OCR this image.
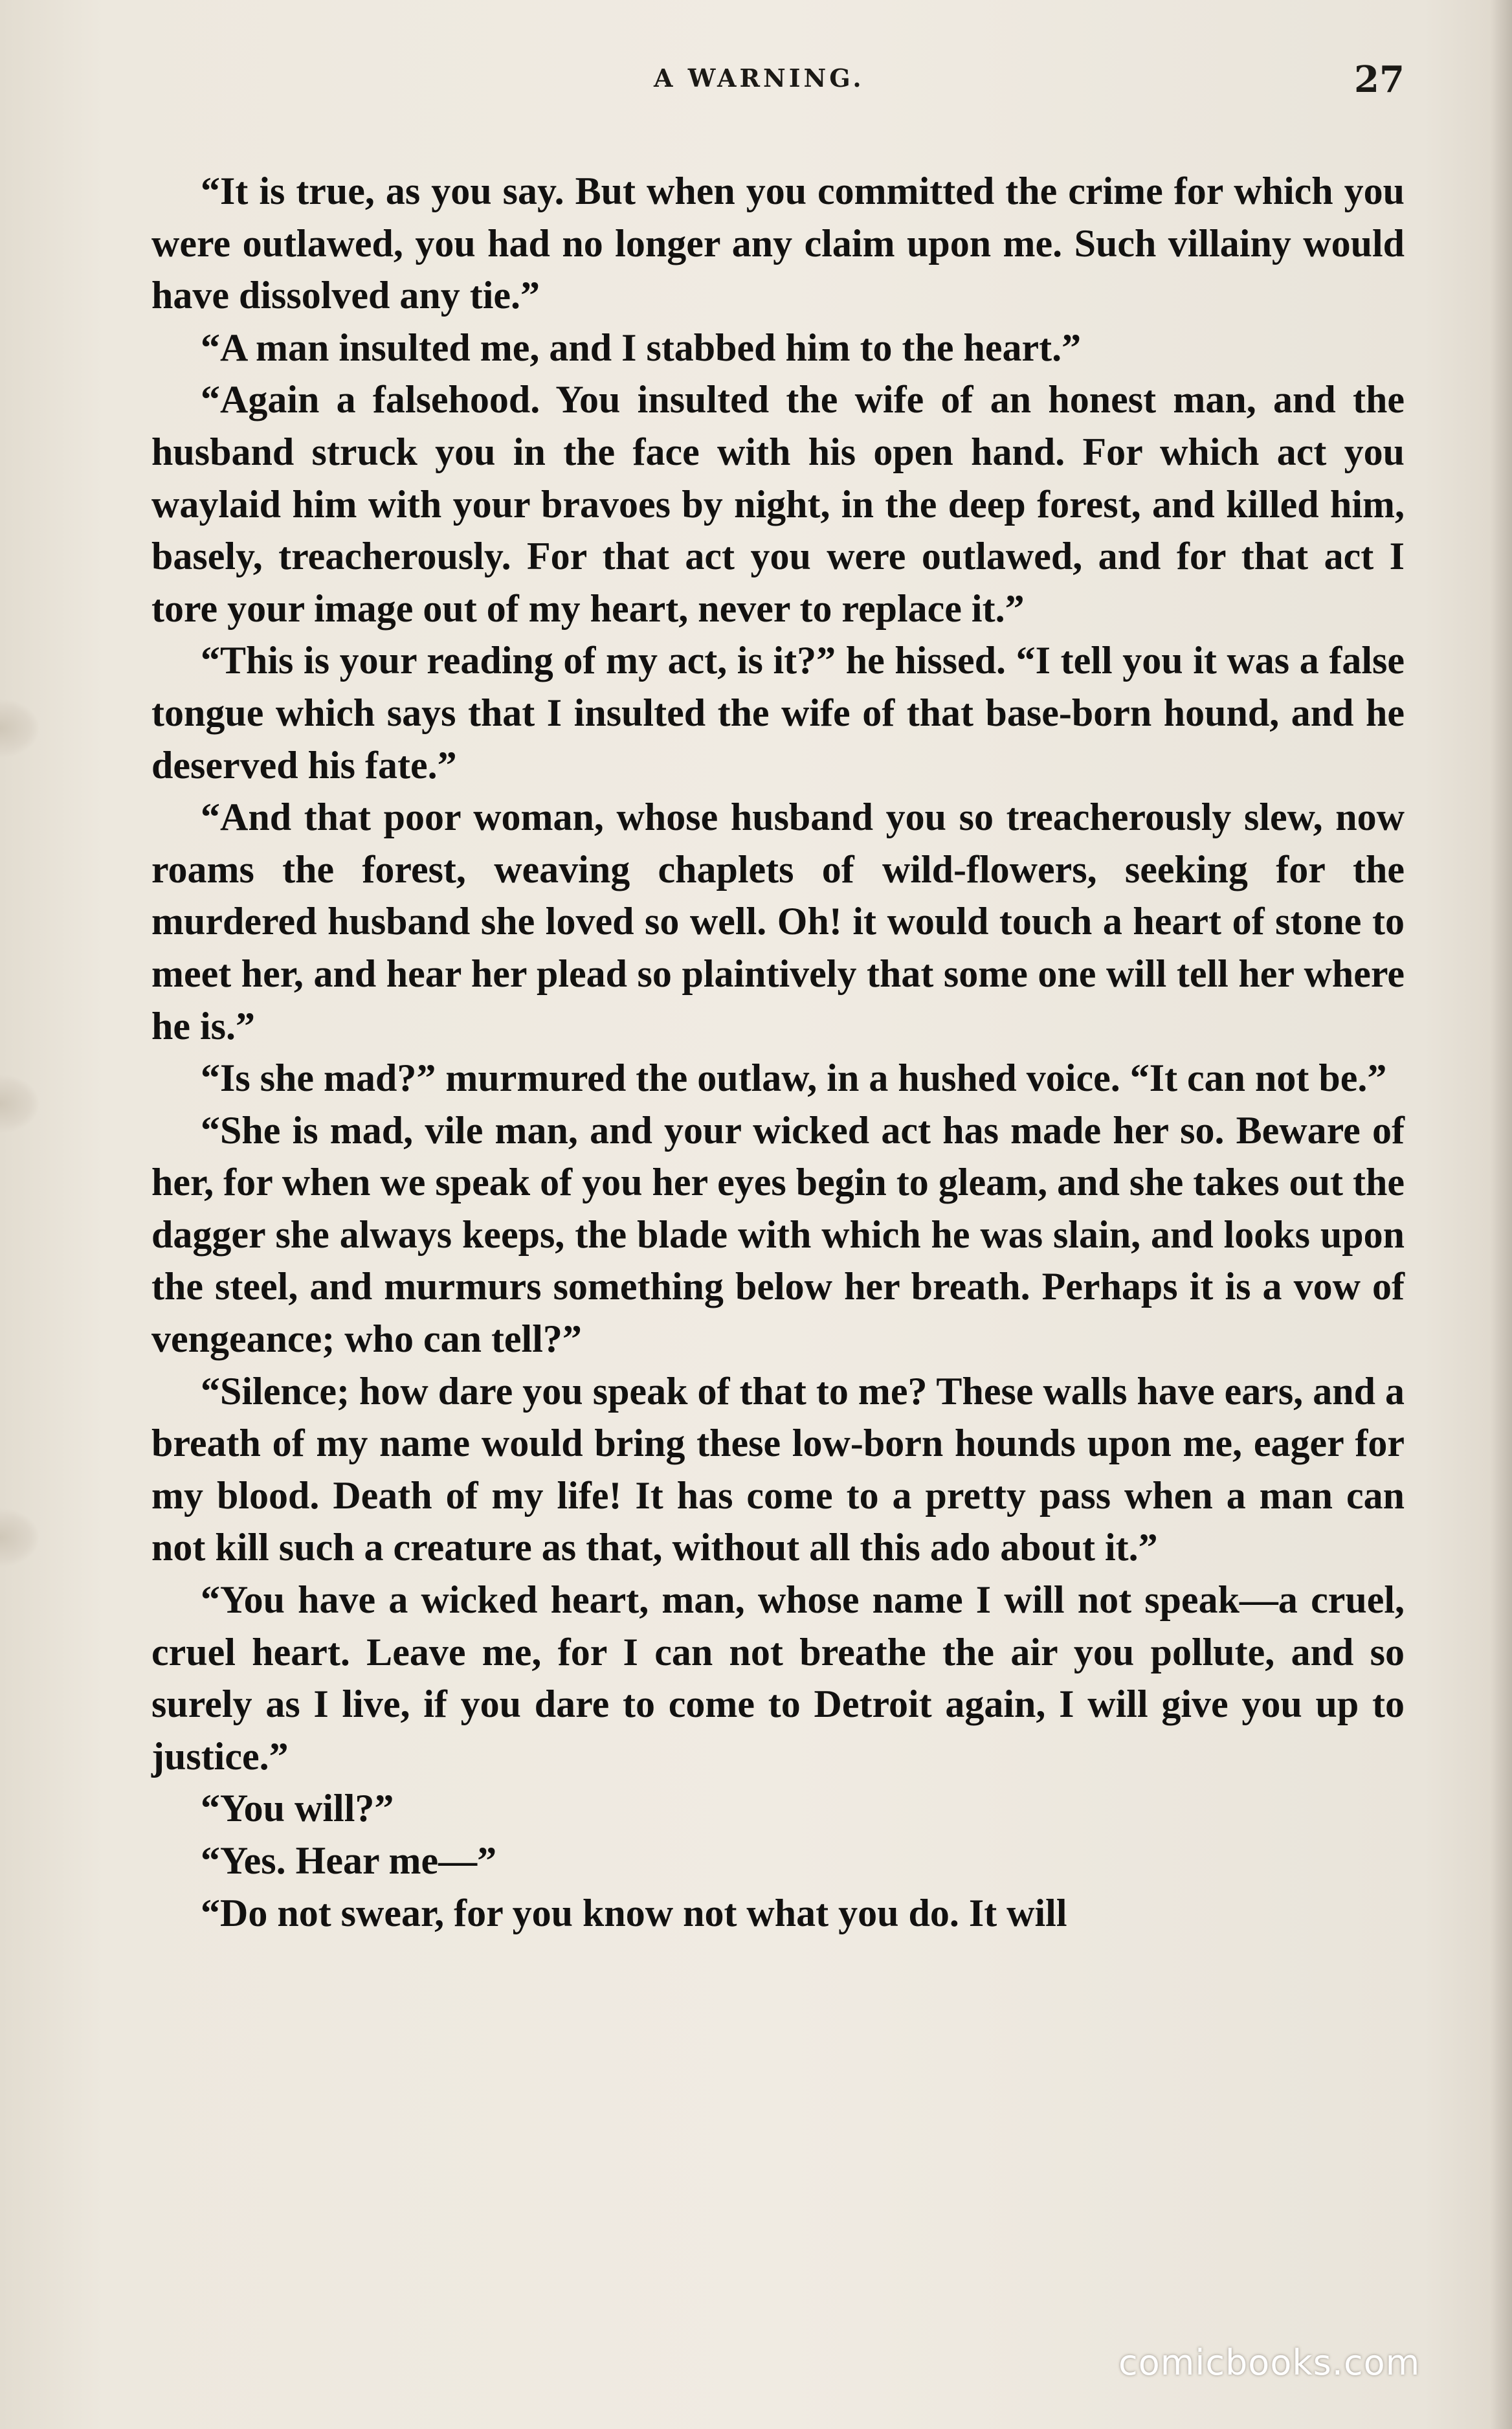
A WARNING.	27

“It is true, as you say. But when you committed the crime for which you were outlawed, you had no longer any claim upon me. Such villainy would have dissolved any tie.”

“A man insulted me, and I stabbed him to the heart.”

“Again a falsehood. You insulted the wife of an honest man, and the husband struck you in the face with his open hand. For which act you waylaid him with your bravoes by night, in the deep forest, and killed him, basely, treacherously. For that act you were outlawed, and for that act I tore your image out of my heart, never to replace it.”

“This is your reading of my act, is it?” he hissed. “I tell you it was a false tongue which says that I insulted the wife of that base-born hound, and he deserved his fate.”

“And that poor woman, whose husband you so treacherously slew, now roams the forest, weaving chaplets of wild-flowers, seeking for the murdered husband she loved so well. Oh! it would touch a heart of stone to meet her, and hear her plead so plaintively that some one will tell her where he is.”

“Is she mad?” murmured the outlaw, in a hushed voice. “It can not be.”

“She is mad, vile man, and your wicked act has made her so. Beware of her, for when we speak of you her eyes begin to gleam, and she takes out the dagger she always keeps, the blade with which he was slain, and looks upon the steel, and murmurs something below her breath. Perhaps it is a vow of vengeance; who can tell?”

“Silence; how dare you speak of that to me? These walls have ears, and a breath of my name would bring these low-born hounds upon me, eager for my blood. Death of my life! It has come to a pretty pass when a man can not kill such a creature as that, without all this ado about it.”

“You have a wicked heart, man, whose name I will not speak—a cruel, cruel heart. Leave me, for I can not breathe the air you pollute, and so surely as I live, if you dare to come to Detroit again, I will give you up to justice.”

“You will?”

“Yes. Hear me—”

“Do not swear, for you know not what you do. It will

comicbooks.com
